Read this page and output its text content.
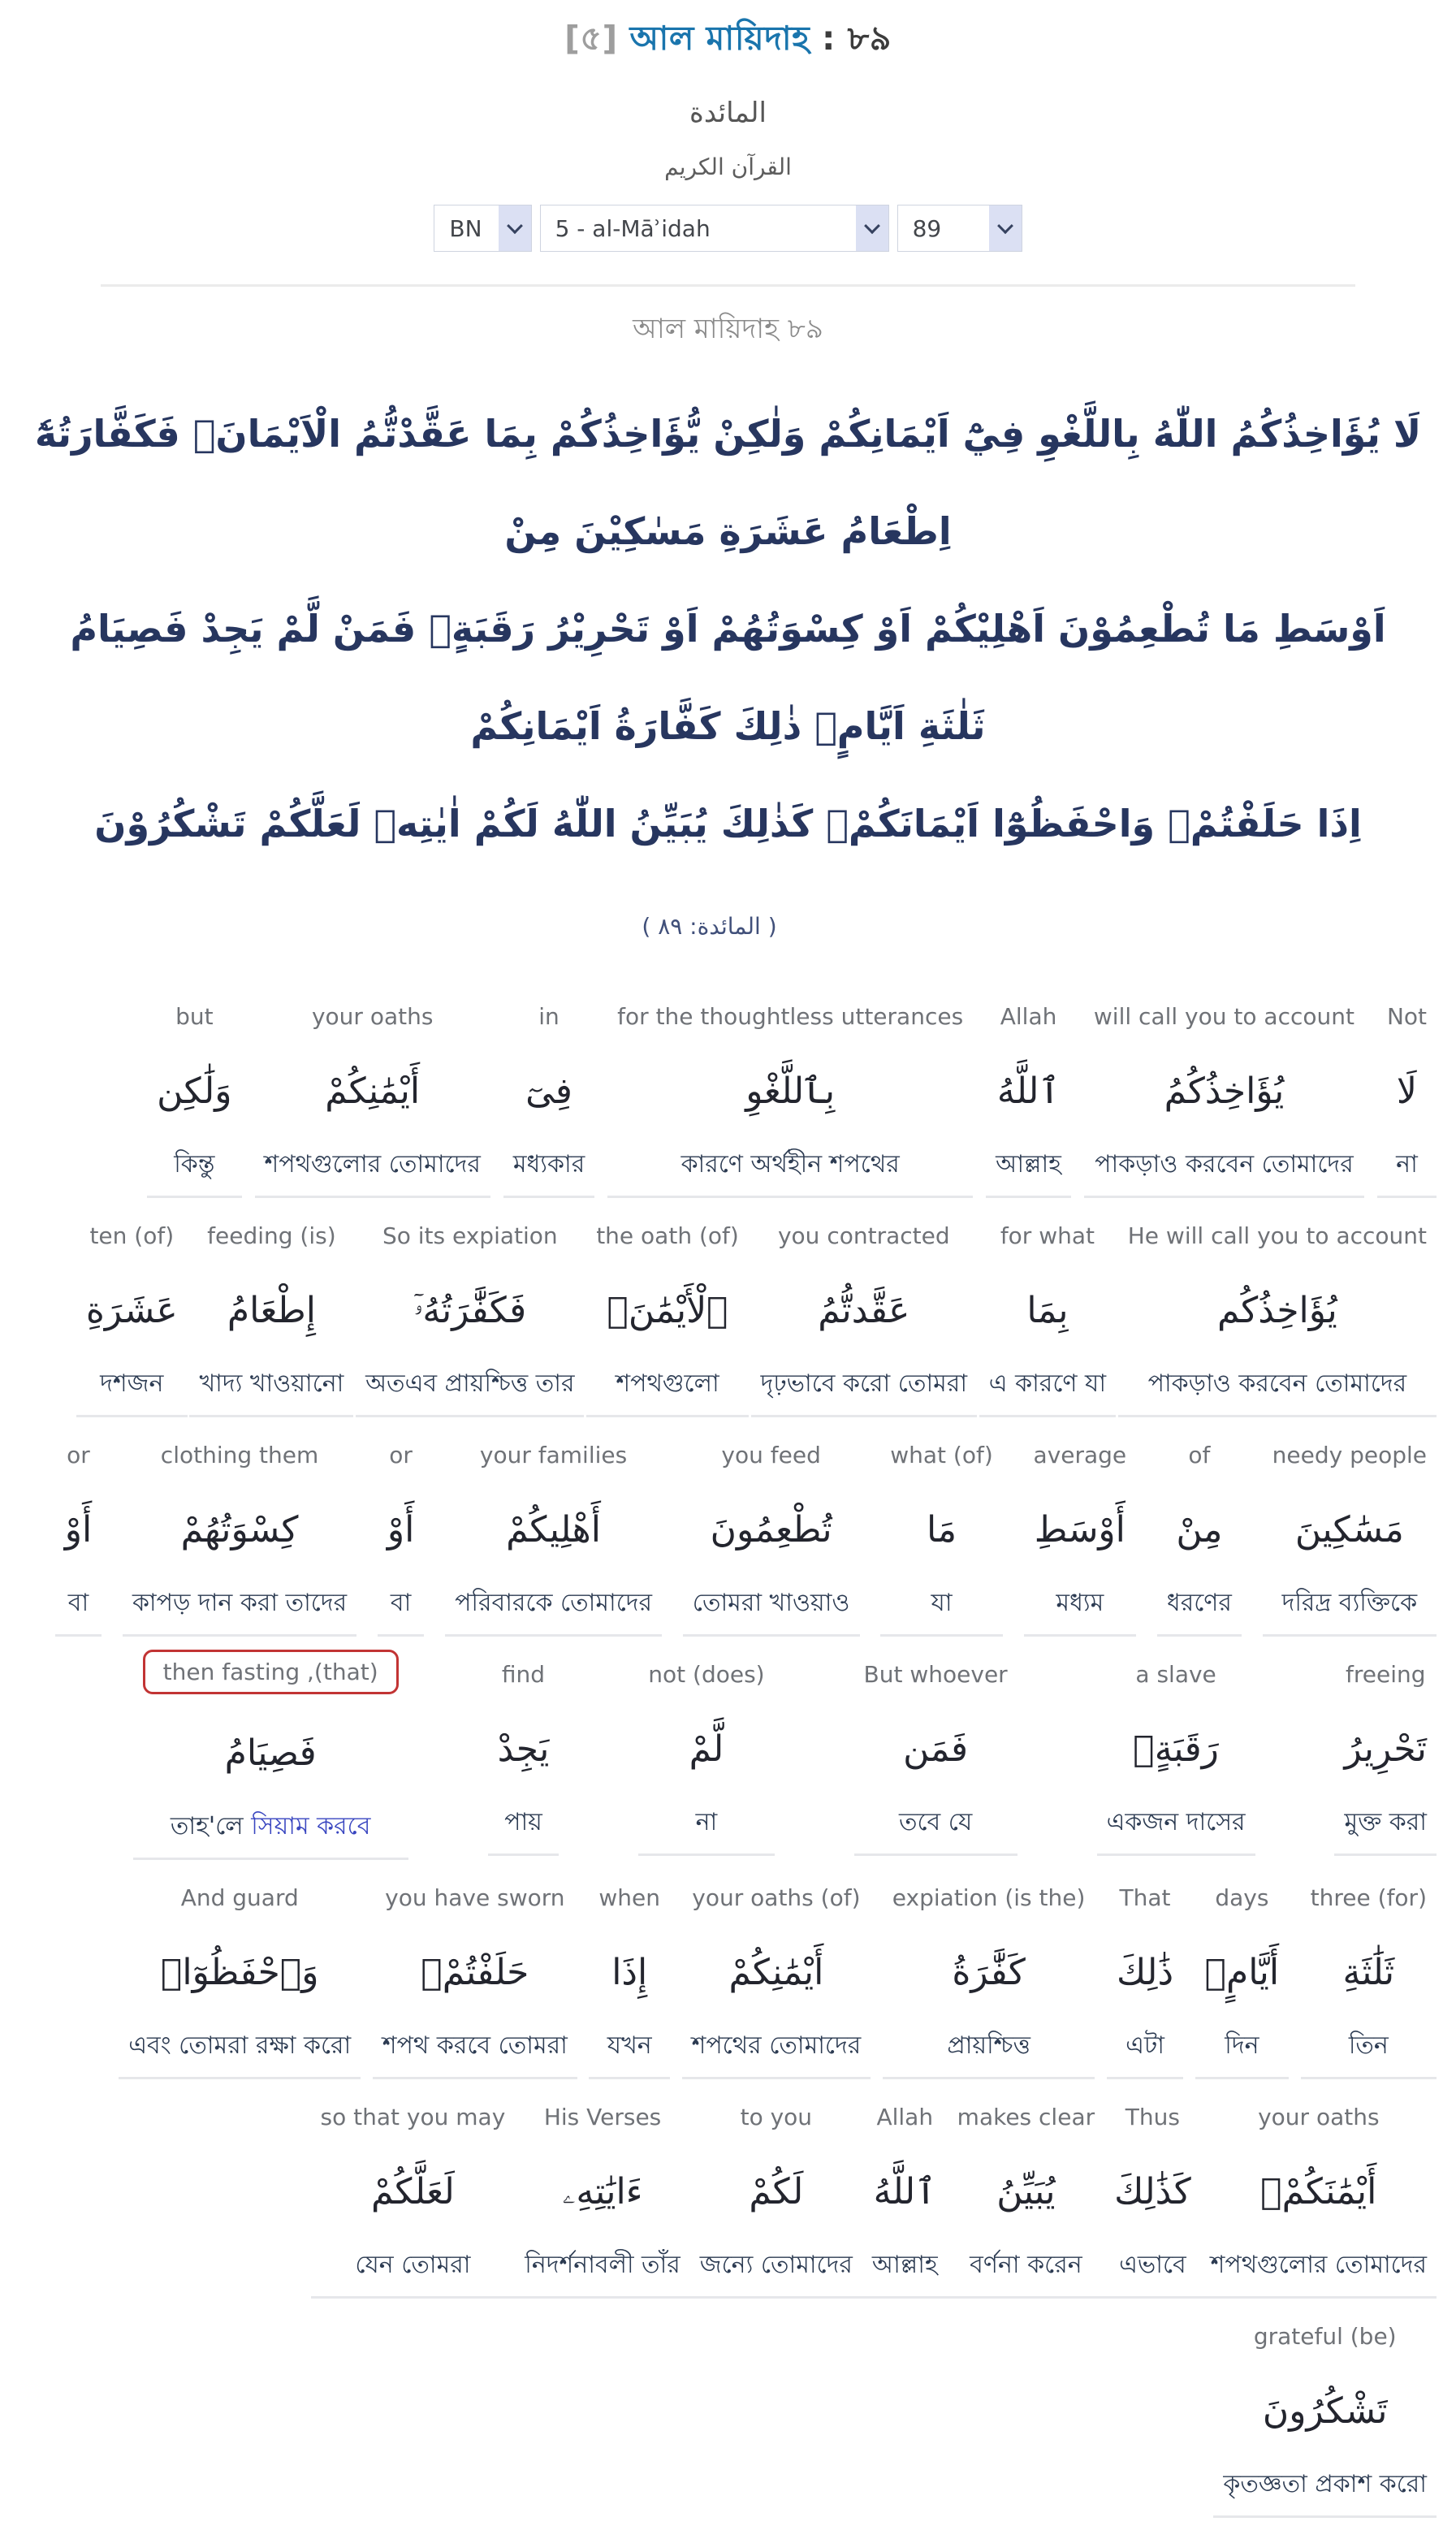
[৫] আল মায়িদাহ : ৮৯
المائدة
القرآن الكريم
BN	5 - al-Māʾidah	89
আল মায়িদাহ ৮৯
لَا يُؤَاخِذُكُمُ اللّٰهُ بِاللَّغْوِ فِيْٓ اَيْمَانِكُمْ وَلٰكِنْ يُّؤَاخِذُكُمْ بِمَا عَقَّدْتُّمُ الْاَيْمَانَۚ فَكَفَّارَتُهٗٓ اِطْعَامُ عَشَرَةِ مَسٰكِيْنَ مِنْ
اَوْسَطِ مَا تُطْعِمُوْنَ اَهْلِيْكُمْ اَوْ كِسْوَتُهُمْ اَوْ تَحْرِيْرُ رَقَبَةٍۗ فَمَنْ لَّمْ يَجِدْ فَصِيَامُ ثَلٰثَةِ اَيَّامٍۗ ذٰلِكَ كَفَّارَةُ اَيْمَانِكُمْ
اِذَا حَلَفْتُمْۗ وَاحْفَظُوْٓا اَيْمَانَكُمْۗ كَذٰلِكَ يُبَيِّنُ اللّٰهُ لَكُمْ اٰيٰتِهٖ لَعَلَّكُمْ تَشْكُرُوْنَ ( المائدة: ٨٩ )
Not
لَا
না
will call you to account
يُؤَاخِذُكُمُ
পাকড়াও করবেন তোমাদের
Allah
ٱللَّهُ
আল্লাহ
for the thoughtless utterances
بِٱللَّغْوِ
কারণে অর্থহীন শপথের
in
فِىٓ
মধ্যকার
your oaths
أَيْمَٰنِكُمْ
শপথগুলোর তোমাদের
but
وَلَٰكِن
কিন্তু
He will call you to account
يُؤَاخِذُكُم
পাকড়াও করবেন তোমাদের
for what
بِمَا
এ কারণে যা
you contracted
عَقَّدتُّمُ
দৃঢ়ভাবে করো তোমরা
(of) the oath
ٱلْأَيْمَٰنَۖ
শপথগুলো
So its expiation
فَكَفَّٰرَتُهُۥٓ
অতএব প্রায়শ্চিত্ত তার
(is) feeding
إِطْعَامُ
খাদ্য খাওয়ানো
(of) ten
عَشَرَةِ
দশজন
needy people
مَسَٰكِينَ
দরিদ্র ব্যক্তিকে
of
مِنْ
ধরণের
average
أَوْسَطِ
মধ্যম
(of) what
مَا
যা
you feed
تُطْعِمُونَ
তোমরা খাওয়াও
your families
أَهْلِيكُمْ
পরিবারকে তোমাদের
or
أَوْ
বা
clothing them
كِسْوَتُهُمْ
কাপড় দান করা তাদের
or
أَوْ
বা
freeing
تَحْرِيرُ
মুক্ত করা
a slave
رَقَبَةٍۖ
একজন দাসের
But whoever
فَمَن
তবে যে
(does) not
لَّمْ
না
find
يَجِدْ
পায়
(that), then fasting
فَصِيَامُ
তাহ'লে সিয়াম করবে
(for) three
ثَلَٰثَةِ
তিন
days
أَيَّامٍۚ
দিন
That
ذَٰلِكَ
এটা
(is the) expiation
كَفَّٰرَةُ
প্রায়শ্চিত্ত
(of) your oaths
أَيْمَٰنِكُمْ
শপথের তোমাদের
when
إِذَا
যখন
you have sworn
حَلَفْتُمْۚ
শপথ করবে তোমরা
And guard
وَٱحْفَظُوٓا۟
এবং তোমরা রক্ষা করো
your oaths
أَيْمَٰنَكُمْۚ
শপথগুলোর তোমাদের
Thus
كَذَٰلِكَ
এভাবে
makes clear
يُبَيِّنُ
বর্ণনা করেন
Allah
ٱللَّهُ
আল্লাহ
to you
لَكُمْ
জন্যে তোমাদের
His Verses
ءَايَٰتِهِۦ
নিদর্শনাবলী তাঁর
so that you may
لَعَلَّكُمْ
যেন তোমরা
(be) grateful
تَشْكُرُونَ
কৃতজ্ঞতা প্রকাশ করো
